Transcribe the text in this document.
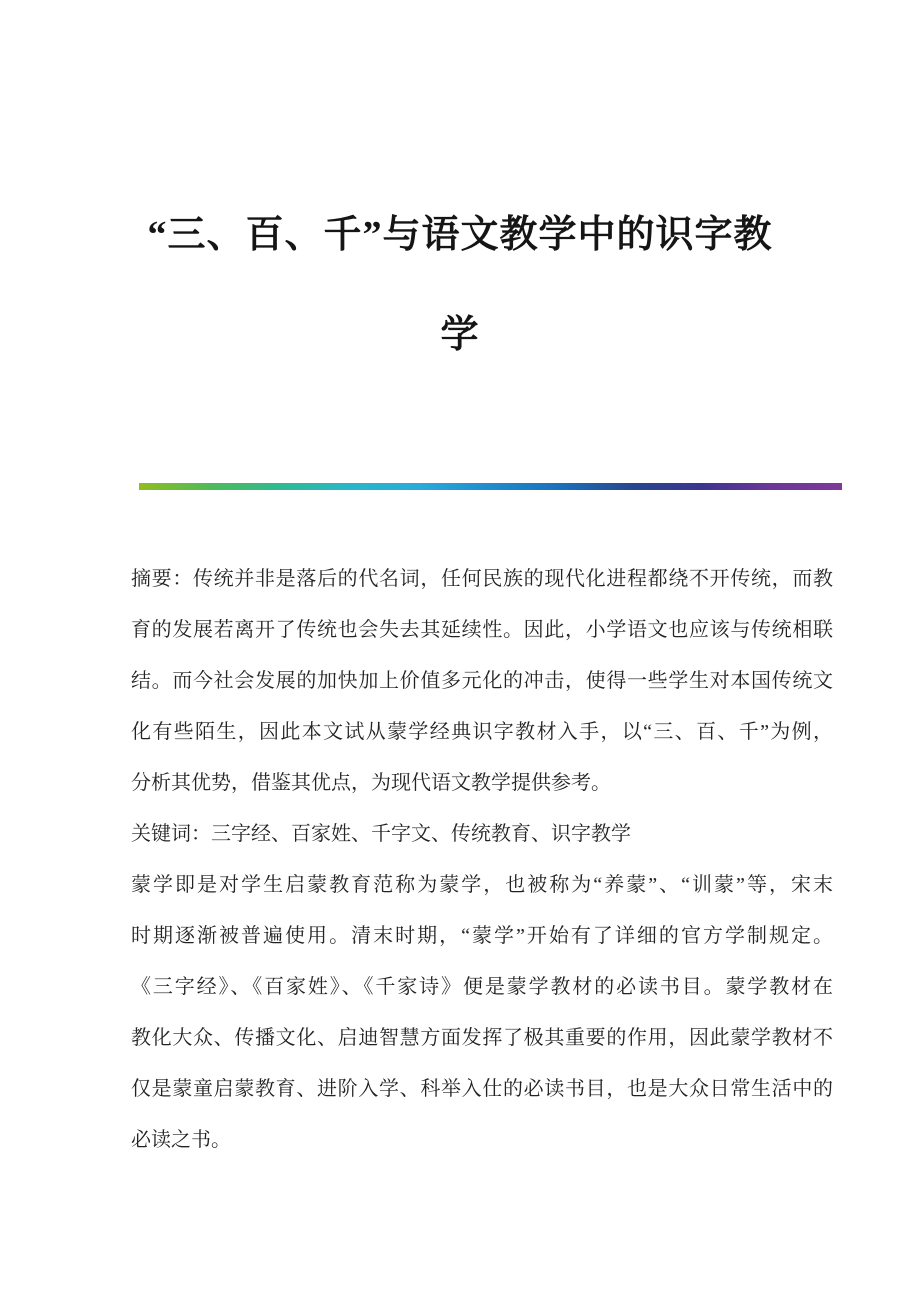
“三、百、千”与语文教学中的识字教
学
摘要：传统并非是落后的代名词，任何民族的现代化进程都绕不开传统，而教
育的发展若离开了传统也会失去其延续性。因此，小学语文也应该与传统相联
结。而今社会发展的加快加上价值多元化的冲击，使得一些学生对本国传统文
化有些陌生，因此本文试从蒙学经典识字教材入手，以“三、百、千”为例，
分析其优势，借鉴其优点，为现代语文教学提供参考。
关键词：三字经、百家姓、千字文、传统教育、识字教学
蒙学即是对学生启蒙教育范称为蒙学，也被称为“养蒙”、“训蒙”等，宋末
时期逐渐被普遍使用。清末时期，“蒙学”开始有了详细的官方学制规定。
《三字经》、《百家姓》、《千家诗》便是蒙学教材的必读书目。蒙学教材在
教化大众、传播文化、启迪智慧方面发挥了极其重要的作用，因此蒙学教材不
仅是蒙童启蒙教育、进阶入学、科举入仕的必读书目，也是大众日常生活中的
必读之书。
